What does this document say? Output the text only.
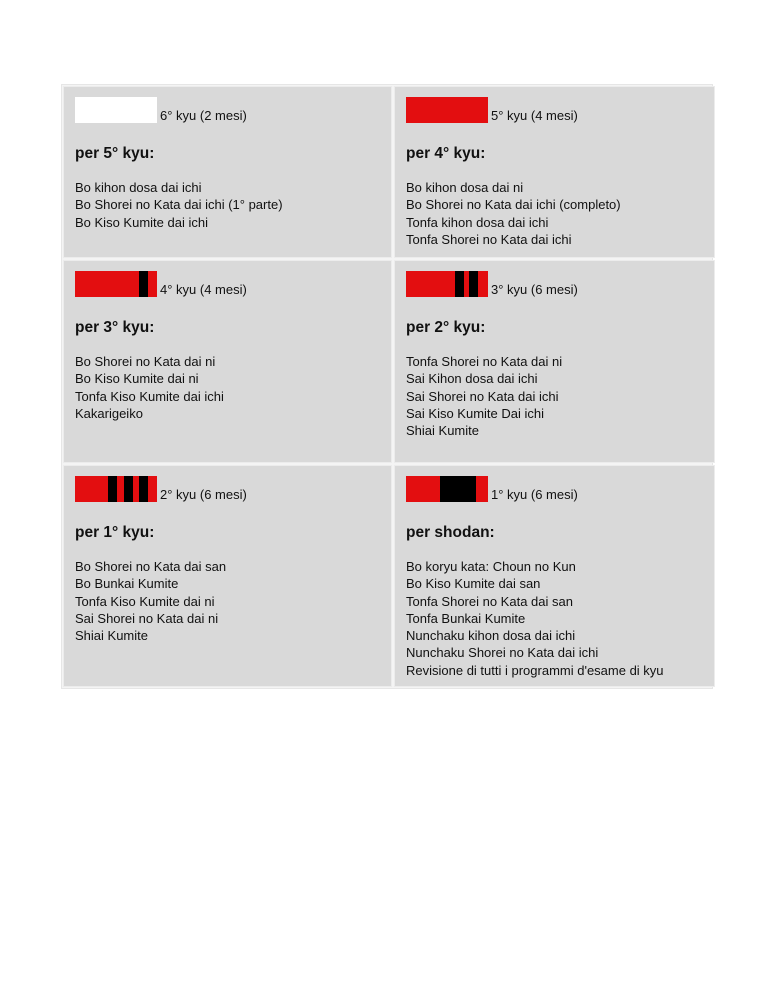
6° kyu (2 mesi)
per 5° kyu:
Bo kihon dosa dai ichi
Bo Shorei no Kata dai ichi (1° parte)
Bo Kiso Kumite dai ichi
5° kyu (4 mesi)
per 4° kyu:
Bo kihon dosa dai ni
Bo Shorei no Kata dai ichi (completo)
Tonfa kihon dosa dai ichi
Tonfa Shorei no Kata dai ichi
4° kyu (4 mesi)
per 3° kyu:
Bo Shorei no Kata dai ni
Bo Kiso Kumite dai ni
Tonfa Kiso Kumite dai ichi
Kakarigeiko
3° kyu (6 mesi)
per 2° kyu:
Tonfa Shorei no Kata dai ni
Sai Kihon dosa dai ichi
Sai Shorei no Kata dai ichi
Sai Kiso Kumite Dai ichi
Shiai Kumite
2° kyu (6 mesi)
per 1° kyu:
Bo Shorei no Kata dai san
Bo Bunkai Kumite
Tonfa Kiso Kumite dai ni
Sai Shorei no Kata dai ni
Shiai Kumite
1° kyu (6 mesi)
per shodan:
Bo koryu kata: Choun no Kun
Bo Kiso Kumite dai san
Tonfa Shorei no Kata dai san
Tonfa Bunkai Kumite
Nunchaku kihon dosa dai ichi
Nunchaku Shorei no Kata dai ichi
Revisione di tutti i programmi d'esame di kyu
